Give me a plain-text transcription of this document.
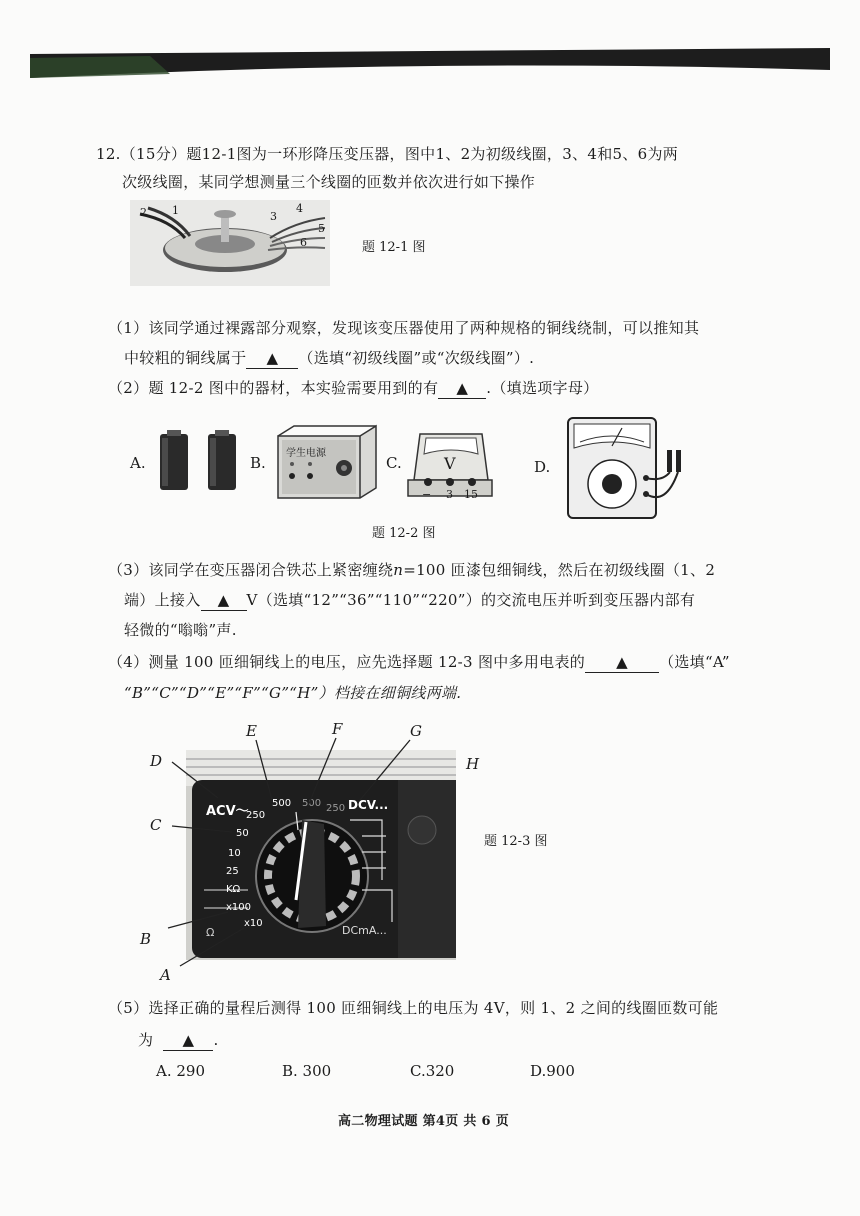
12.（15分）题12-1图为一环形降压变压器，图中1、2为初级线圈，3、4和5、6为两
次级线圈，某同学想测量三个线圈的匝数并依次进行如下操作
2 1	3
4
5
6	题 12-1 图
（1）该同学通过裸露部分观察，发现该变压器使用了两种规格的铜线绕制，可以推知其
中较粗的铜线属于 ▲ （选填“初级线圈”或“次级线圈”）.
（2）题 12-2 图中的器材，本实验需要用到的有 ▲ .（填选项字母）
A.	B.
学生电源
C.	V
− 3 15
D.
题 12-2 图
（3）该同学在变压器闭合铁芯上紧密缠绕n=100 匝漆包细铜线，然后在初级线圈（1、2
端）上接入 ▲ V（选填“12”“36”“110”“220”）的交流电压并听到变压器内部有
轻微的“嗡嗡”声.
（4）测量 100 匝细铜线上的电压，应先选择题 12-3 图中多用电表的 ▲ （选填“A”
“B”“C”“D”“E”“F”“G”“H”）档接在细铜线两端.
ACV～
250
500 500 250 DCV...
50
10
25
KΩ
x100
x10
Ω	DCmA...
E	F	G
D	H
C
B
A
题 12-3 图
（5）选择正确的量程后测得 100 匝细铜线上的电压为 4V，则 1、2 之间的线圈匝数可能
为 ▲ .
A. 290	B. 300	C.320	D.900
高二物理试题 第4页 共 6 页
